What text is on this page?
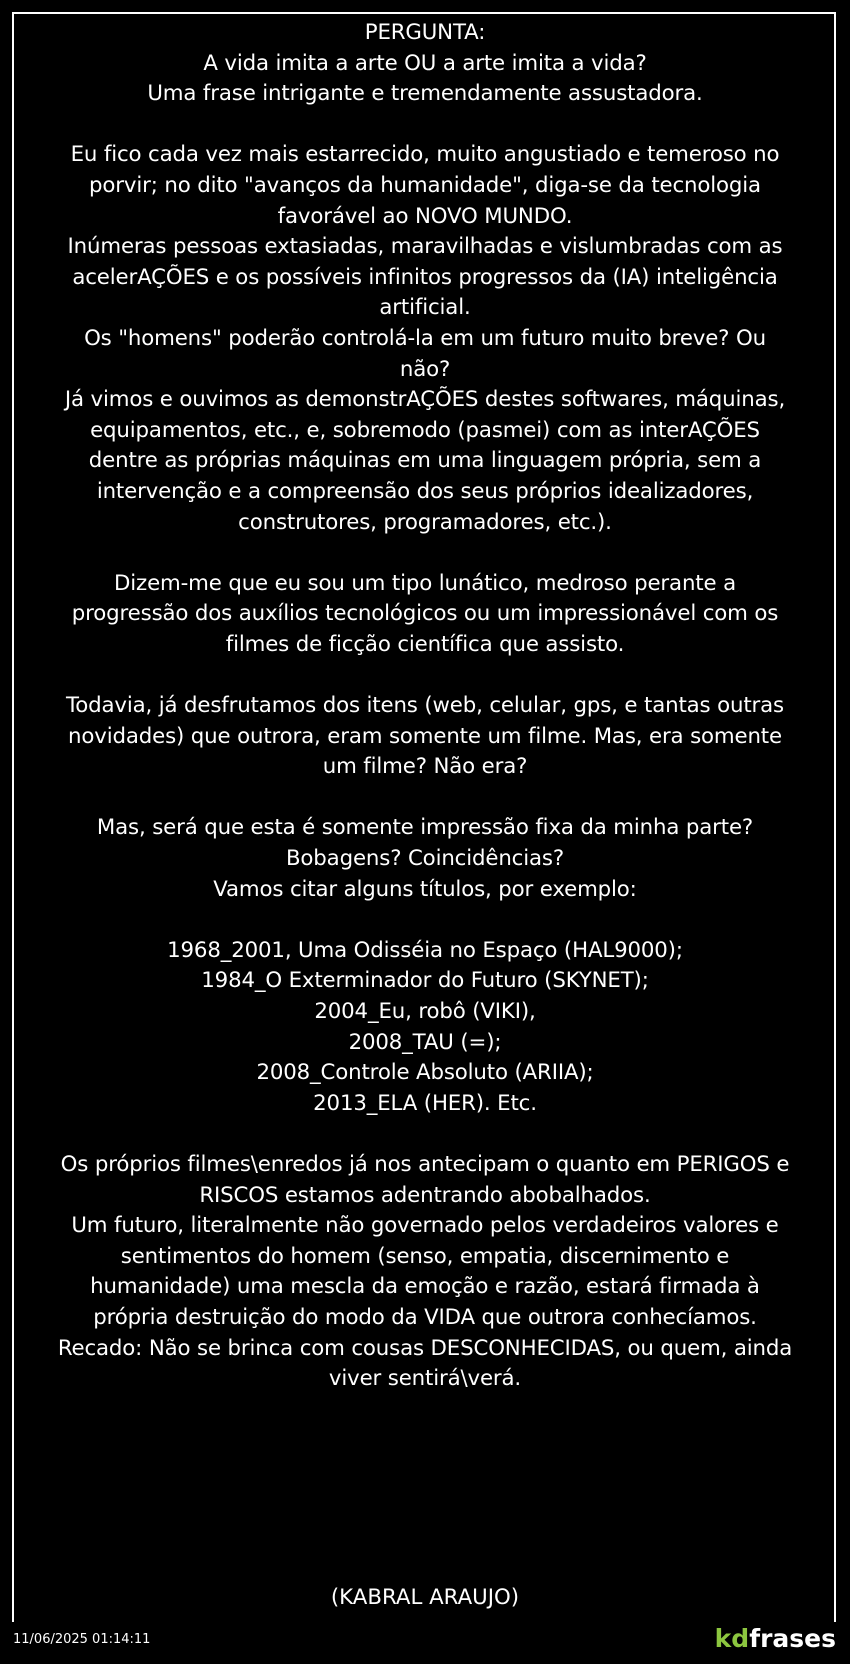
PERGUNTA:

A vida imita a arte OU a arte imita a vida?

Uma frase intrigante e tremendamente assustadora.

Eu fico cada vez mais estarrecido, muito angustiado e temeroso no

porvir; no dito "avanços da humanidade", diga-se da tecnologia

favorável ao NOVO MUNDO.

Inúmeras pessoas extasiadas, maravilhadas e vislumbradas com as

acelerAÇÕES e os possíveis infinitos progressos da (IA) inteligência

artificial.

Os "homens" poderão controlá-la em um futuro muito breve? Ou

não?

Já vimos e ouvimos as demonstrAÇÕES destes softwares, máquinas,

equipamentos, etc., e, sobremodo (pasmei) com as interAÇÕES

dentre as próprias máquinas em uma linguagem própria, sem a

intervenção e a compreensão dos seus próprios idealizadores,

construtores, programadores, etc.).

Dizem-me que eu sou um tipo lunático, medroso perante a

progressão dos auxílios tecnológicos ou um impressionável com os

filmes de ficção científica que assisto.

Todavia, já desfrutamos dos itens (web, celular, gps, e tantas outras

novidades) que outrora, eram somente um filme. Mas, era somente

um filme? Não era?

Mas, será que esta é somente impressão fixa da minha parte?

Bobagens? Coincidências?

Vamos citar alguns títulos, por exemplo:

1968_2001, Uma Odisséia no Espaço (HAL9000);

1984_O Exterminador do Futuro (SKYNET);

2004_Eu, robô (VIKI),

2008_TAU (=);

2008_Controle Absoluto (ARIIA);

2013_ELA (HER). Etc.

Os próprios filmes\enredos já nos antecipam o quanto em PERIGOS e

RISCOS estamos adentrando abobalhados.

Um futuro, literalmente não governado pelos verdadeiros valores e

sentimentos do homem (senso, empatia, discernimento e

humanidade) uma mescla da emoção e razão, estará firmada à

própria destruição do modo da VIDA que outrora conhecíamos.

Recado: Não se brinca com cousas DESCONHECIDAS, ou quem, ainda

viver sentirá\verá.

(KABRAL ARAUJO)
11/06/2025 01:14:11	kd frases
